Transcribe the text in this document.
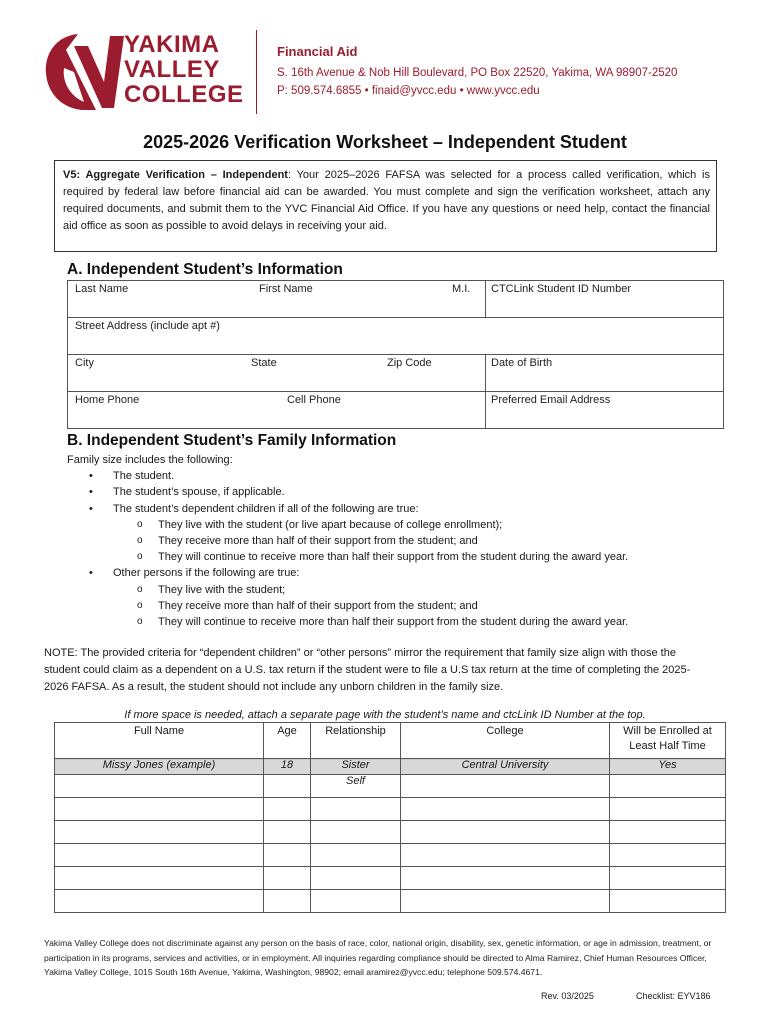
YAKIMA
VALLEY
COLLEGE
Financial Aid
S. 16th Avenue & Nob Hill Boulevard, PO Box 22520, Yakima, WA 98907-2520
P: 509.574.6855 • finaid@yvcc.edu • www.yvcc.edu
2025-2026 Verification Worksheet – Independent Student
V5: Aggregate Verification – Independent: Your 2025–2026 FAFSA was selected for a process called verification, which is required by federal law before financial aid can be awarded. You must complete and sign the verification worksheet, attach any required documents, and submit them to the YVC Financial Aid Office. If you have any questions or need help, contact the financial aid office as soon as possible to avoid delays in receiving your aid.
A. Independent Student’s Information
Last Name	First Name	M.I. CTCLink Student ID Number
Street Address (include apt #)
City	State	Zip Code	Date of Birth
Home Phone	Cell Phone	Preferred Email Address
B. Independent Student’s Family Information
Family size includes the following:
• The student.
• The student’s spouse, if applicable.
• The student’s dependent children if all of the following are true:
o They live with the student (or live apart because of college enrollment);
o They receive more than half of their support from the student; and
o They will continue to receive more than half their support from the student during the award year.
• Other persons if the following are true:
o They live with the student;
o They receive more than half of their support from the student; and
o They will continue to receive more than half their support from the student during the award year.
NOTE: The provided criteria for “dependent children” or “other persons” mirror the requirement that family size align with those the student could claim as a dependent on a U.S. tax return if the student were to file a U.S tax return at the time of completing the 2025-2026 FAFSA. As a result, the student should not include any unborn children in the family size.
If more space is needed, attach a separate page with the student’s name and ctcLink ID Number at the top.
Full Name	Age	Relationship	College	Will be Enrolled at Least Half Time
Missy Jones (example)	18	Sister	Central University	Yes
		Self		

Yakima Valley College does not discriminate against any person on the basis of race, color, national origin, disability, sex, genetic information, or age in admission, treatment, or participation in its programs, services and activities, or in employment. All inquiries regarding compliance should be directed to Alma Ramirez, Chief Human Resources Officer, Yakima Valley College, 1015 South 16th Avenue, Yakima, Washington, 98902; email aramirez@yvcc.edu; telephone 509.574.4671.
Rev. 03/2025	Checklist: EYV186
